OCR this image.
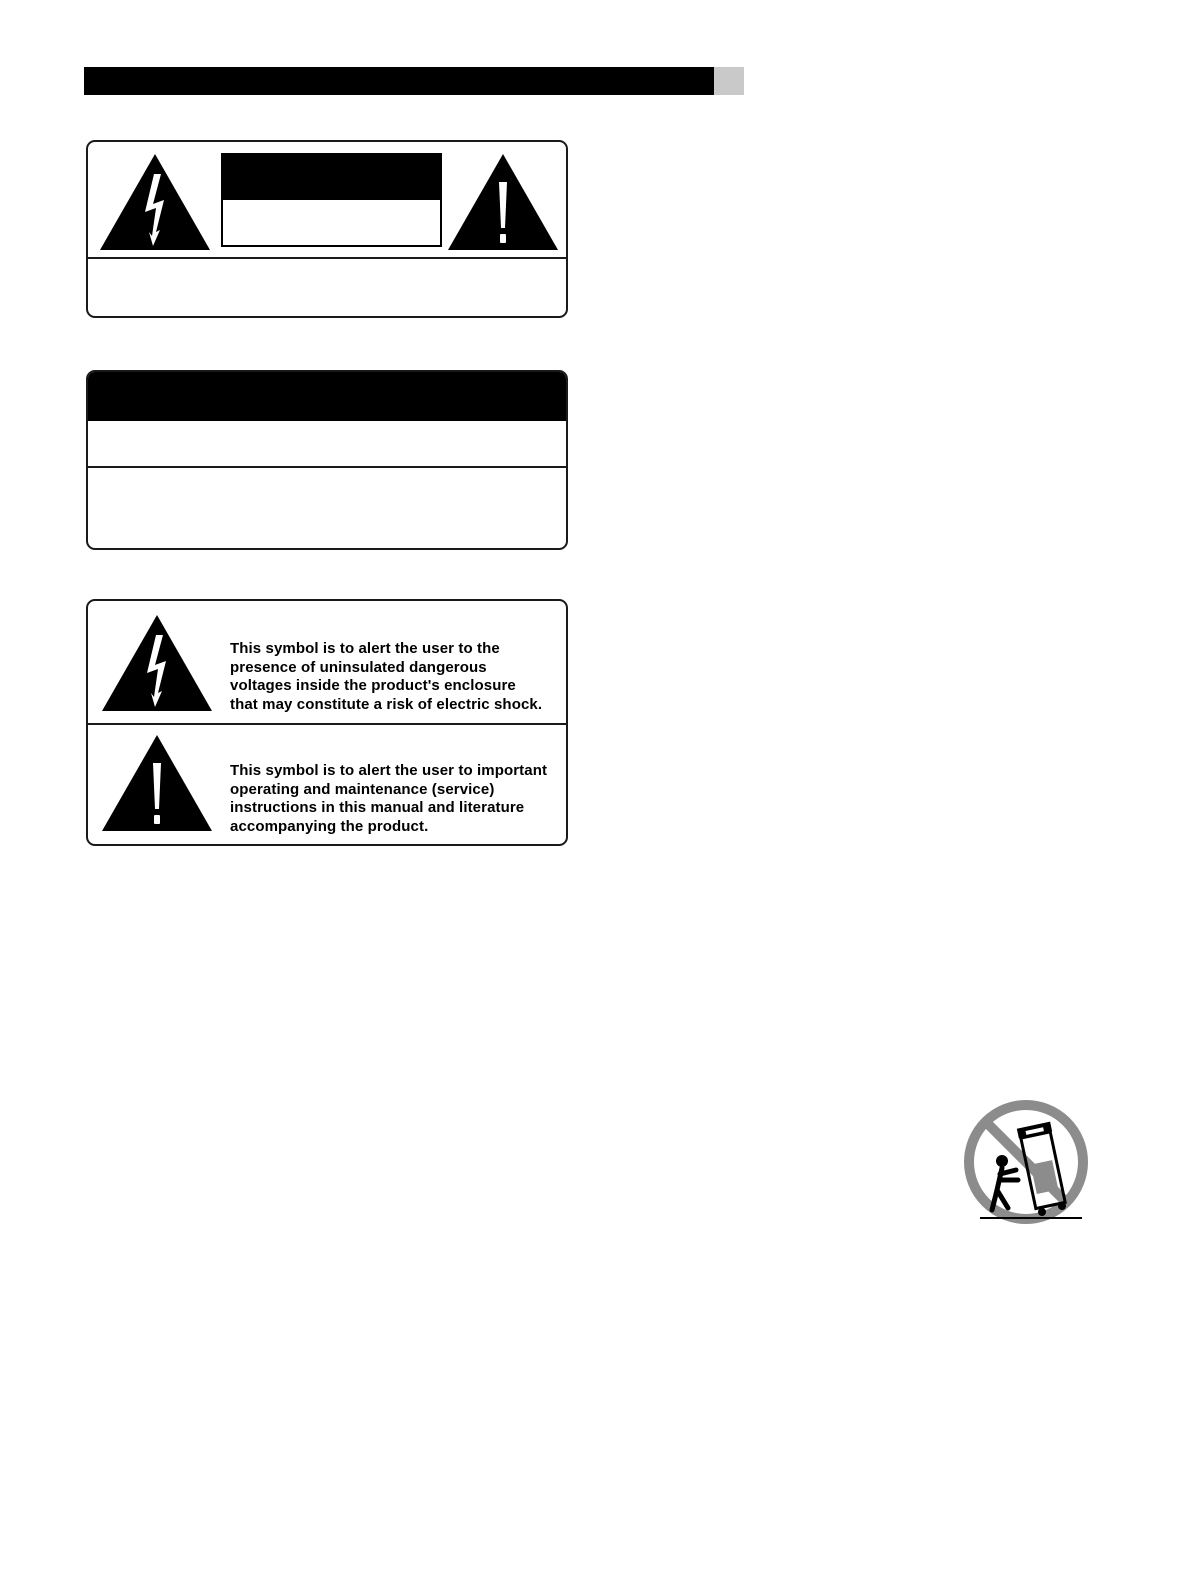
This symbol is to alert the user to the
presence of uninsulated dangerous
voltages inside the product's enclosure
that may constitute a risk of electric shock.

This symbol is to alert the user to important
operating and maintenance (service)
instructions in this manual and literature
accompanying the product.
